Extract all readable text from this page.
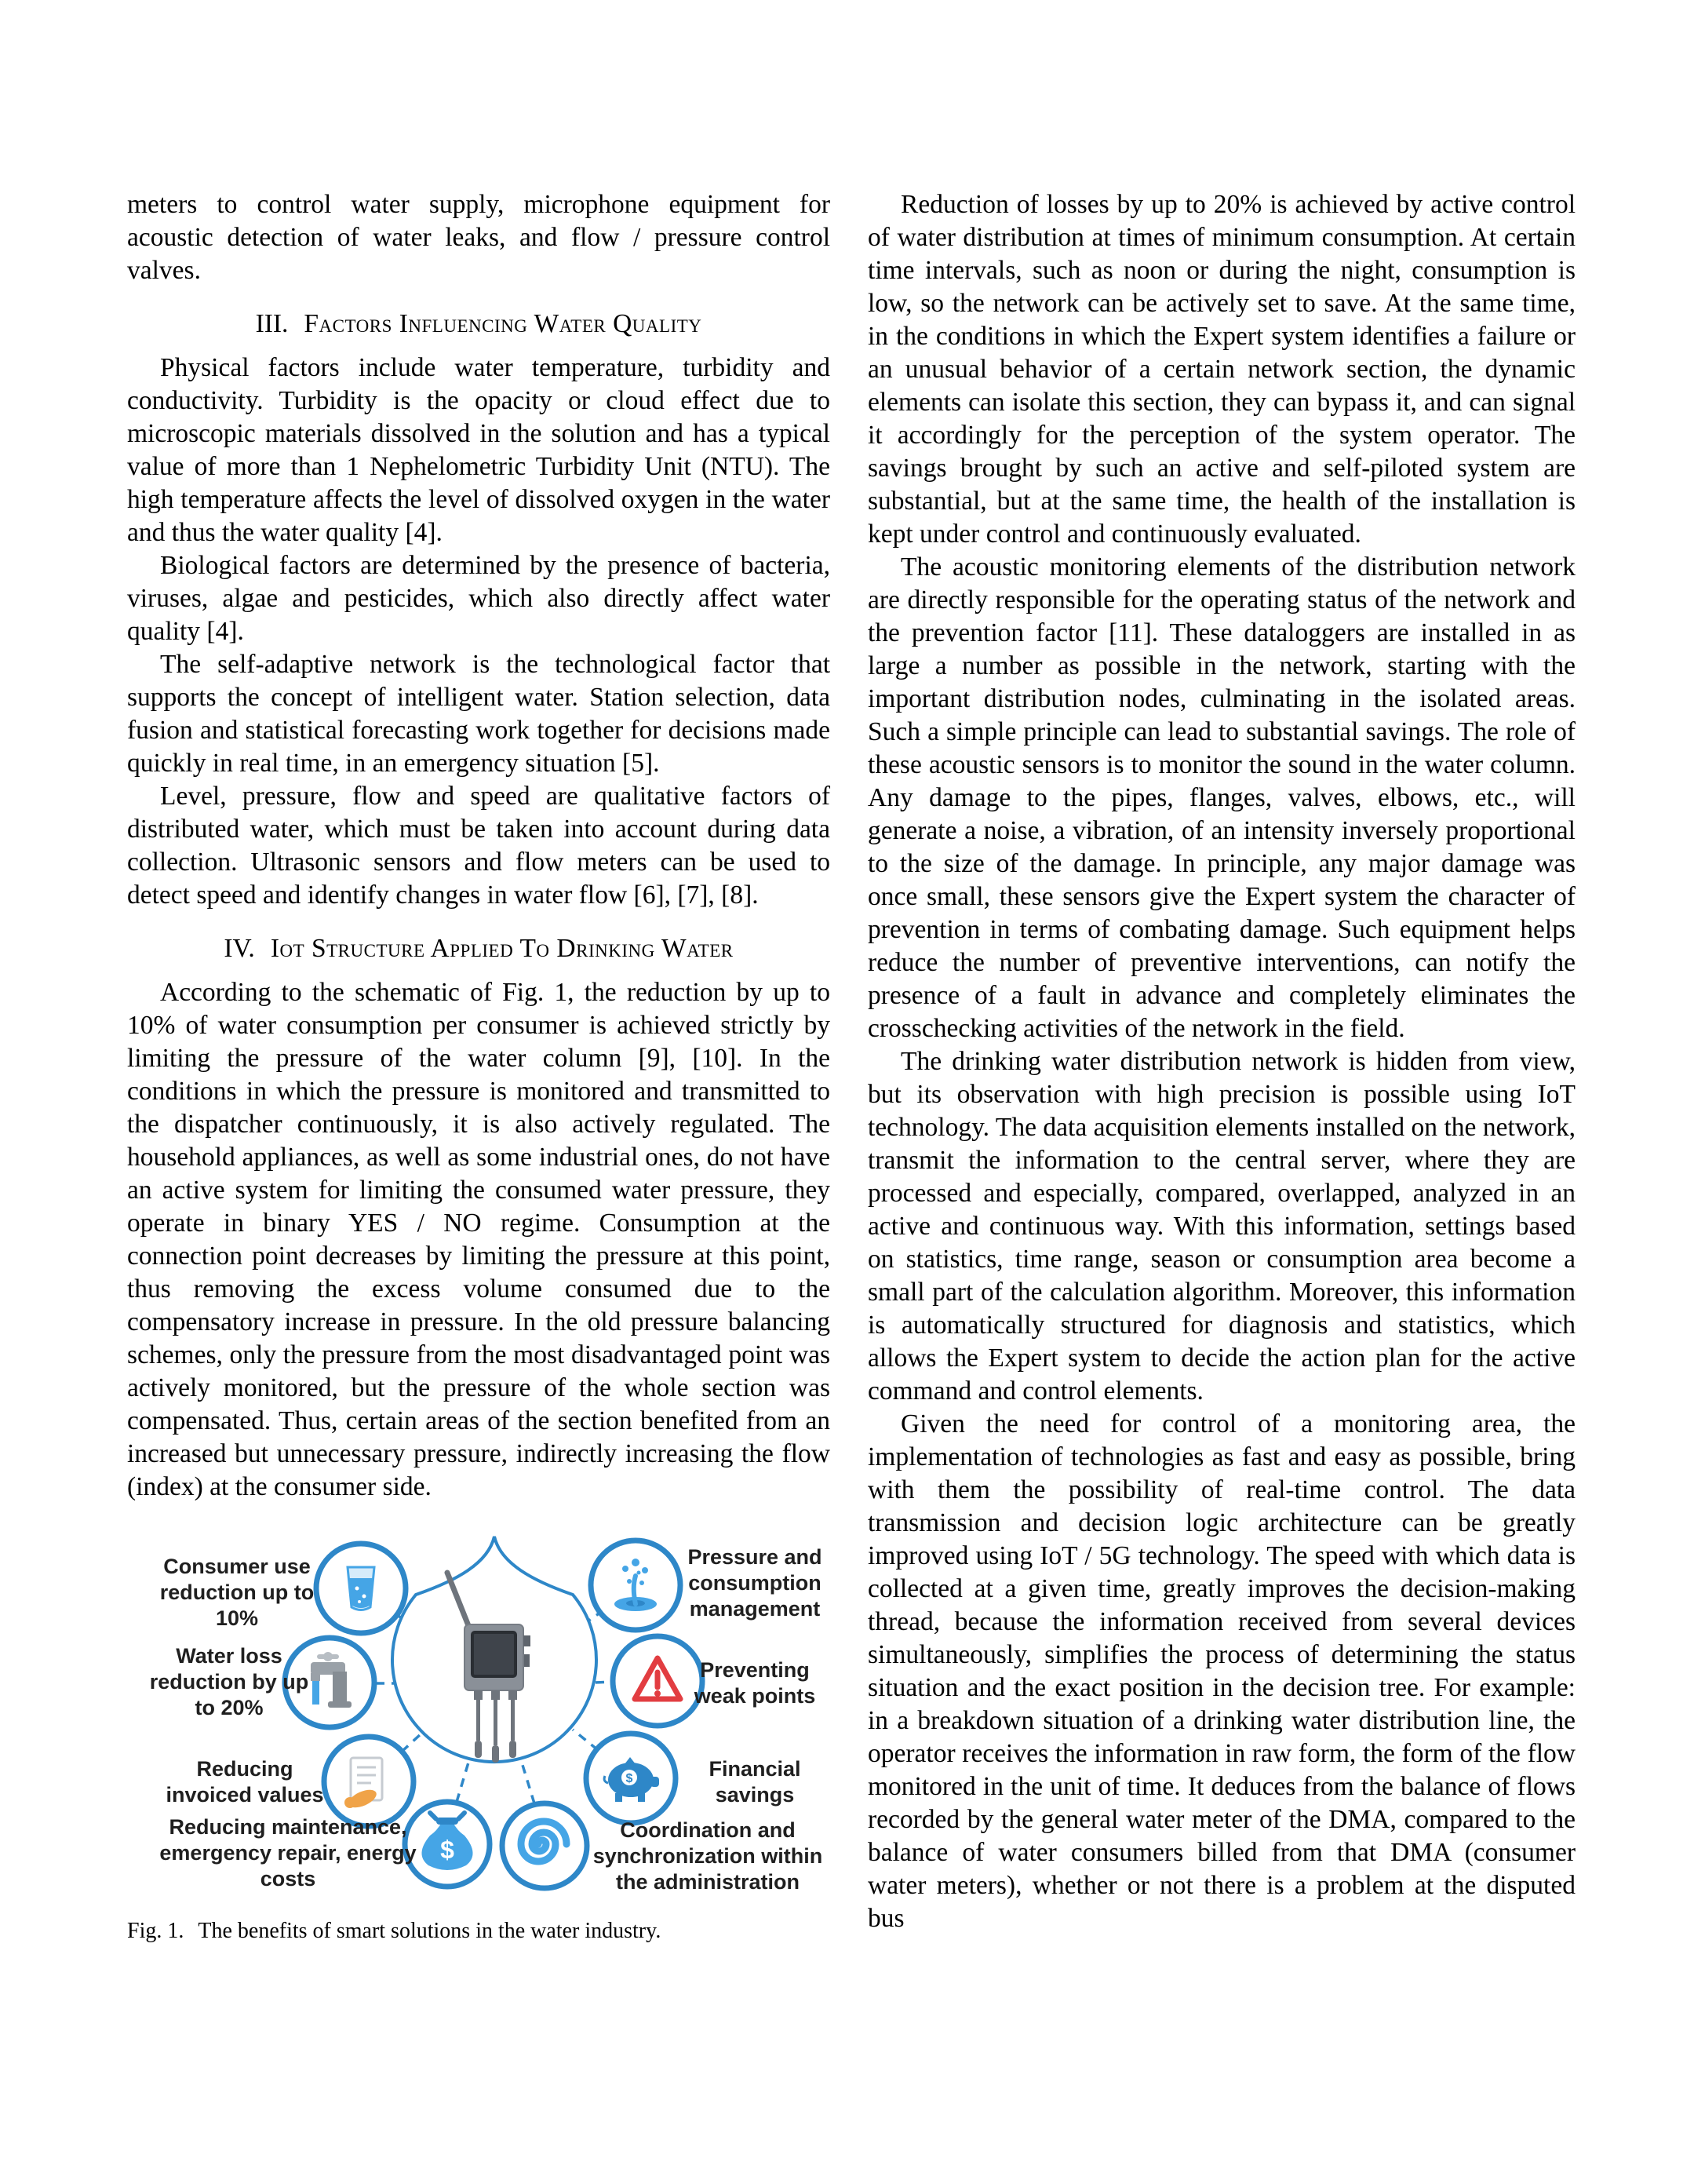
meters to control water supply, microphone equipment for acoustic detection of water leaks, and flow / pressure control valves.

III. Factors Influencing Water Quality

Physical factors include water temperature, turbidity and conductivity. Turbidity is the opacity or cloud effect due to microscopic materials dissolved in the solution and has a typical value of more than 1 Nephelometric Turbidity Unit (NTU). The high temperature affects the level of dissolved oxygen in the water and thus the water quality [4].

Biological factors are determined by the presence of bacteria, viruses, algae and pesticides, which also directly affect water quality [4].

The self-adaptive network is the technological factor that supports the concept of intelligent water. Station selection, data fusion and statistical forecasting work together for decisions made quickly in real time, in an emergency situation [5].

Level, pressure, flow and speed are qualitative factors of distributed water, which must be taken into account during data collection. Ultrasonic sensors and flow meters can be used to detect speed and identify changes in water flow [6], [7], [8].

IV. Iot Structure Applied To Drinking Water

According to the schematic of Fig. 1, the reduction by up to 10% of water consumption per consumer is achieved strictly by limiting the pressure of the water column [9], [10]. In the conditions in which the pressure is monitored and transmitted to the dispatcher continuously, it is also actively regulated. The household appliances, as well as some industrial ones, do not have an active system for limiting the consumed water pressure, they operate in binary YES / NO regime. Consumption at the connection point decreases by limiting the pressure at this point, thus removing the excess volume consumed due to the compensatory increase in pressure. In the old pressure balancing schemes, only the pressure from the most disadvantaged point was actively monitored, but the pressure of the whole section was compensated. Thus, certain areas of the section benefited from an increased but unnecessary pressure, indirectly increasing the flow (index) at the consumer side.

$
$
Consumer use reduction up to 10%
Pressure and consumption management
Water loss reduction by up to 20%
Preventing weak points
Reducing invoiced values
Financial savings
Reducing maintenance, emergency repair, energy costs
Coordination and synchronization within the administration

Fig. 1. The benefits of smart solutions in the water industry.

Reduction of losses by up to 20% is achieved by active control of water distribution at times of minimum consumption. At certain time intervals, such as noon or during the night, consumption is low, so the network can be actively set to save. At the same time, in the conditions in which the Expert system identifies a failure or an unusual behavior of a certain network section, the dynamic elements can isolate this section, they can bypass it, and can signal it accordingly for the perception of the system operator. The savings brought by such an active and self-piloted system are substantial, but at the same time, the health of the installation is kept under control and continuously evaluated.

The acoustic monitoring elements of the distribution network are directly responsible for the operating status of the network and the prevention factor [11]. These dataloggers are installed in as large a number as possible in the network, starting with the important distribution nodes, culminating in the isolated areas. Such a simple principle can lead to substantial savings. The role of these acoustic sensors is to monitor the sound in the water column. Any damage to the pipes, flanges, valves, elbows, etc., will generate a noise, a vibration, of an intensity inversely proportional to the size of the damage. In principle, any major damage was once small, these sensors give the Expert system the character of prevention in terms of combating damage. Such equipment helps reduce the number of preventive interventions, can notify the presence of a fault in advance and completely eliminates the crosschecking activities of the network in the field.

The drinking water distribution network is hidden from view, but its observation with high precision is possible using IoT technology. The data acquisition elements installed on the network, transmit the information to the central server, where they are processed and especially, compared, overlapped, analyzed in an active and continuous way. With this information, settings based on statistics, time range, season or consumption area become a small part of the calculation algorithm. Moreover, this information is automatically structured for diagnosis and statistics, which allows the Expert system to decide the action plan for the active command and control elements.

Given the need for control of a monitoring area, the implementation of technologies as fast and easy as possible, bring with them the possibility of real-time control. The data transmission and decision logic architecture can be greatly improved using IoT / 5G technology. The speed with which data is collected at a given time, greatly improves the decision-making thread, because the information received from several devices simultaneously, simplifies the process of determining the status situation and the exact position in the decision tree. For example: in a breakdown situation of a drinking water distribution line, the operator receives the information in raw form, the form of the flow monitored in the unit of time. It deduces from the balance of flows recorded by the general water meter of the DMA, compared to the balance of water consumers billed from that DMA (consumer water meters), whether or not there is a problem at the disputed bus
